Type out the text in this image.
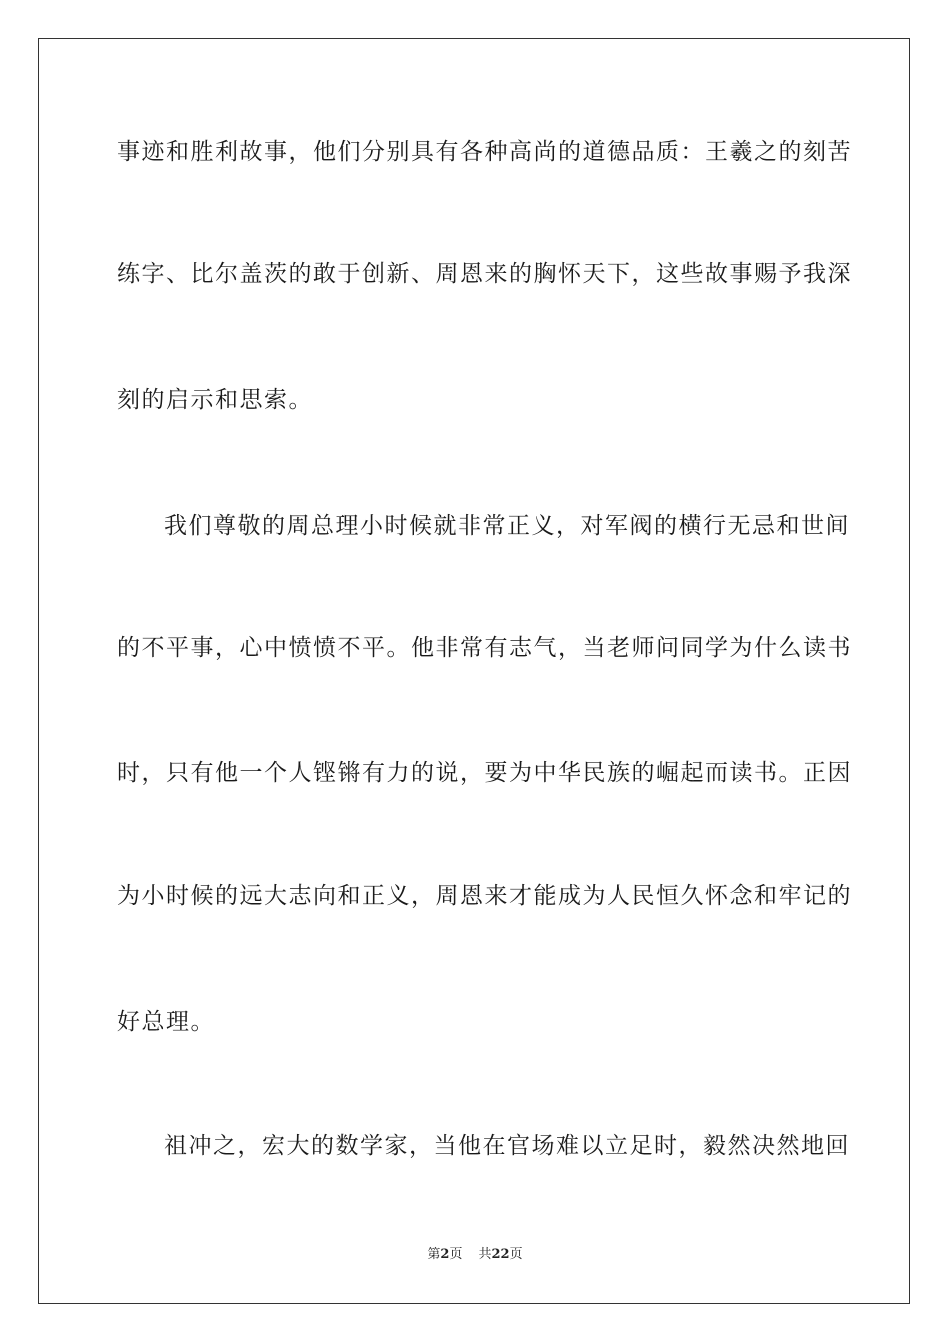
事迹和胜利故事，他们分别具有各种高尚的道德品质：王羲之的刻苦
练字、比尔盖茨的敢于创新、周恩来的胸怀天下，这些故事赐予我深
刻的启示和思索。
我们尊敬的周总理小时候就非常正义，对军阀的横行无忌和世间
的不平事，心中愤愤不平。他非常有志气，当老师问同学为什么读书
时，只有他一个人铿锵有力的说，要为中华民族的崛起而读书。正因
为小时候的远大志向和正义，周恩来才能成为人民恒久怀念和牢记的
好总理。
祖冲之，宏大的数学家，当他在官场难以立足时，毅然决然地回
第2页 共22页
